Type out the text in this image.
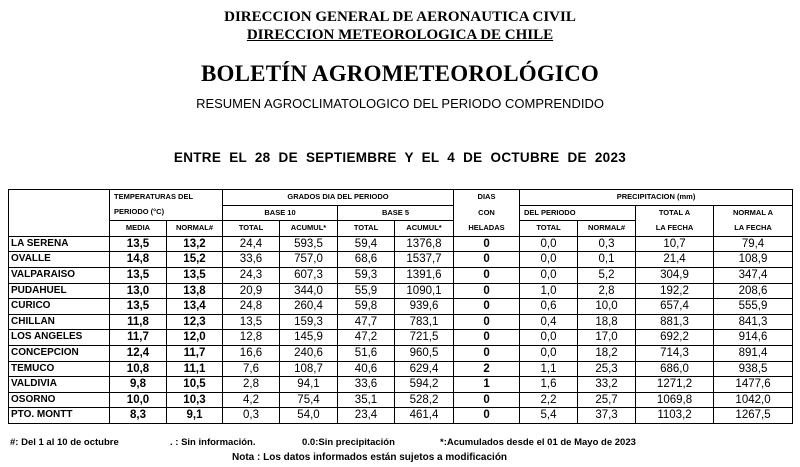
DIRECCION GENERAL DE AERONAUTICA CIVIL
DIRECCION METEOROLOGICA DE CHILE
BOLETÍN AGROMETEOROLÓGICO
RESUMEN AGROCLIMATOLOGICO DEL PERIODO COMPRENDIDO
ENTRE EL 28 DE SEPTIEMBRE Y EL 4 DE OCTUBRE DE 2023
	TEMPERATURAS DEL		GRADOS DIA DEL PERIODO				DIAS	PRECIPITACION (mm)			
	PERIODO (°C)		BASE 10		BASE 5		CON	DEL PERIODO		TOTAL A	NORMAL A
	MEDIA	NORMAL#	TOTAL	ACUMUL*	TOTAL	ACUMUL*	HELADAS	TOTAL	NORMAL#	LA FECHA	LA FECHA
LA SERENA	13,5	13,2	24,4	593,5	59,4	1376,8	0	0,0	0,3	10,7	79,4
OVALLE	14,8	15,2	33,6	757,0	68,6	1537,7	0	0,0	0,1	21,4	108,9
VALPARAISO	13,5	13,5	24,3	607,3	59,3	1391,6	0	0,0	5,2	304,9	347,4
PUDAHUEL	13,0	13,8	20,9	344,0	55,9	1090,1	0	1,0	2,8	192,2	208,6
CURICO	13,5	13,4	24,8	260,4	59,8	939,6	0	0,6	10,0	657,4	555,9
CHILLAN	11,8	12,3	13,5	159,3	47,7	783,1	0	0,4	18,8	881,3	841,3
LOS ANGELES	11,7	12,0	12,8	145,9	47,2	721,5	0	0,0	17,0	692,2	914,6
CONCEPCION	12,4	11,7	16,6	240,6	51,6	960,5	0	0,0	18,2	714,3	891,4
TEMUCO	10,8	11,1	7,6	108,7	40,6	629,4	2	1,1	25,3	686,0	938,5
VALDIVIA	9,8	10,5	2,8	94,1	33,6	594,2	1	1,6	33,2	1271,2	1477,6
OSORNO	10,0	10,3	4,2	75,4	35,1	528,2	0	2,2	25,7	1069,8	1042,0
PTO. MONTT	8,3	9,1	0,3	54,0	23,4	461,4	0	5,4	37,3	1103,2	1267,5
#: Del 1 al 10 de octubre	. : Sin información.	0.0:Sin precipitación	*:Acumulados desde el 01 de Mayo de 2023
Nota : Los datos informados están sujetos a modificación
